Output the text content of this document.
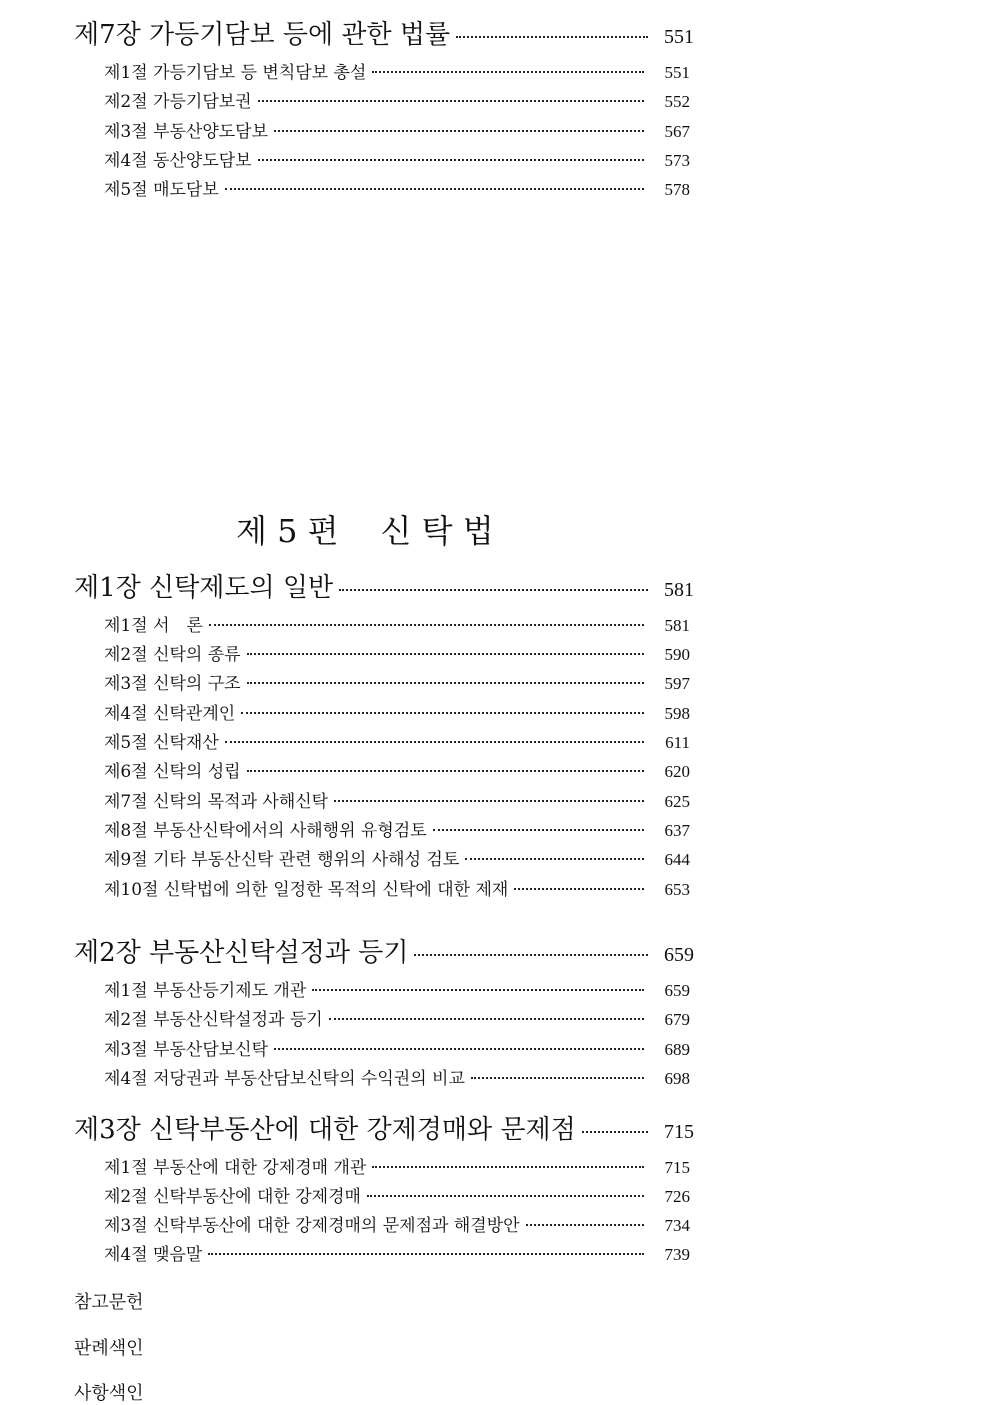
제7장 가등기담보 등에 관한 법률	551
제1절 가등기담보 등 변칙담보 총설	551
제2절 가등기담보권	552
제3절 부동산양도담보	567
제4절 동산양도담보	573
제5절 매도담보	578
제 5 편 신 탁 법
제1장 신탁제도의 일반	581
제1절 서　론	581
제2절 신탁의 종류	590
제3절 신탁의 구조	597
제4절 신탁관계인	598
제5절 신탁재산	611
제6절 신탁의 성립	620
제7절 신탁의 목적과 사해신탁	625
제8절 부동산신탁에서의 사해행위 유형검토	637
제9절 기타 부동산신탁 관련 행위의 사해성 검토	644
제10절 신탁법에 의한 일정한 목적의 신탁에 대한 제재	653
제2장 부동산신탁설정과 등기	659
제1절 부동산등기제도 개관	659
제2절 부동산신탁설정과 등기	679
제3절 부동산담보신탁	689
제4절 저당권과 부동산담보신탁의 수익권의 비교	698
제3장 신탁부동산에 대한 강제경매와 문제점	715
제1절 부동산에 대한 강제경매 개관	715
제2절 신탁부동산에 대한 강제경매	726
제3절 신탁부동산에 대한 강제경매의 문제점과 해결방안	734
제4절 맺음말	739
참고문헌
판례색인
사항색인
